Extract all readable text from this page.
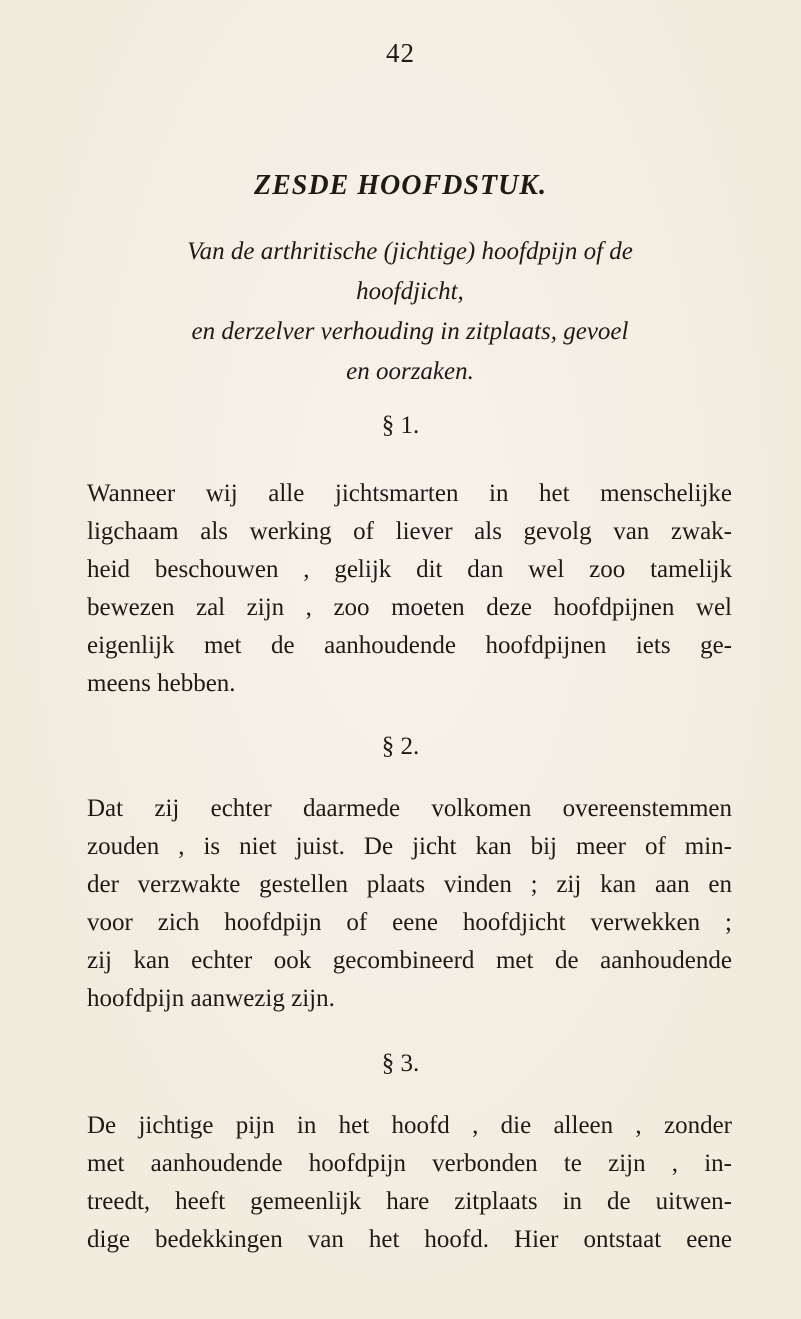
42
ZESDE HOOFDSTUK.
Van de arthritische (jichtige) hoofdpijn of de hoofdjicht,
en derzelver verhouding in zitplaats, gevoel
en oorzaken.
§ 1.
Wanneer wij alle jichtsmarten in het menschelijke
ligchaam als werking of liever als gevolg van zwak-
heid beschouwen , gelijk dit dan wel zoo tamelijk
bewezen zal zijn , zoo moeten deze hoofdpijnen wel
eigenlijk met de aanhoudende hoofdpijnen iets ge-
meens hebben.
§ 2.
Dat zij echter daarmede volkomen overeenstemmen
zouden , is niet juist. De jicht kan bij meer of min-
der verzwakte gestellen plaats vinden ; zij kan aan en
voor zich hoofdpijn of eene hoofdjicht verwekken ;
zij kan echter ook gecombineerd met de aanhoudende
hoofdpijn aanwezig zijn.
§ 3.
De jichtige pijn in het hoofd , die alleen , zonder
met aanhoudende hoofdpijn verbonden te zijn , in-
treedt, heeft gemeenlijk hare zitplaats in de uitwen-
dige bedekkingen van het hoofd. Hier ontstaat eene
